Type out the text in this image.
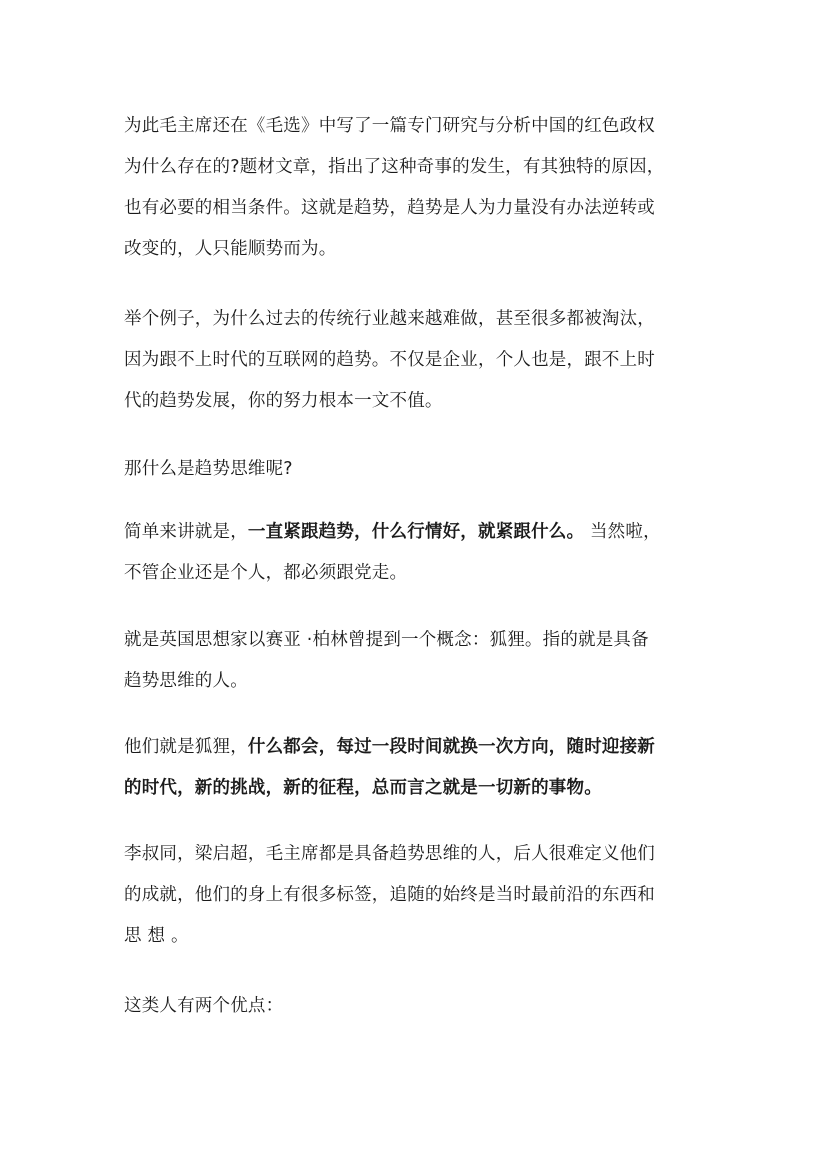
为此毛主席还在《毛选》中写了一篇专门研究与分析中国的红色政权
为什么存在的?题材文章，指出了这种奇事的发生，有其独特的原因，
也有必要的相当条件。这就是趋势，趋势是人为力量没有办法逆转或
改变的，人只能顺势而为。

举个例子，为什么过去的传统行业越来越难做，甚至很多都被淘汰，
因为跟不上时代的互联网的趋势。不仅是企业，个人也是，跟不上时
代的趋势发展，你的努力根本一文不值。

那什么是趋势思维呢?

简单来讲就是，一直紧跟趋势，什么行情好，就紧跟什么。 当然啦，
不管企业还是个人，都必须跟党走。

就是英国思想家以赛亚 ·柏林曾提到一个概念：狐狸。指的就是具备
趋势思维的人。

他们就是狐狸，什么都会，每过一段时间就换一次方向，随时迎接新
的时代，新的挑战，新的征程，总而言之就是一切新的事物。

李叔同，梁启超，毛主席都是具备趋势思维的人，后人很难定义他们
的成就，他们的身上有很多标签，追随的始终是当时最前沿的东西和
思想。

这类人有两个优点：
